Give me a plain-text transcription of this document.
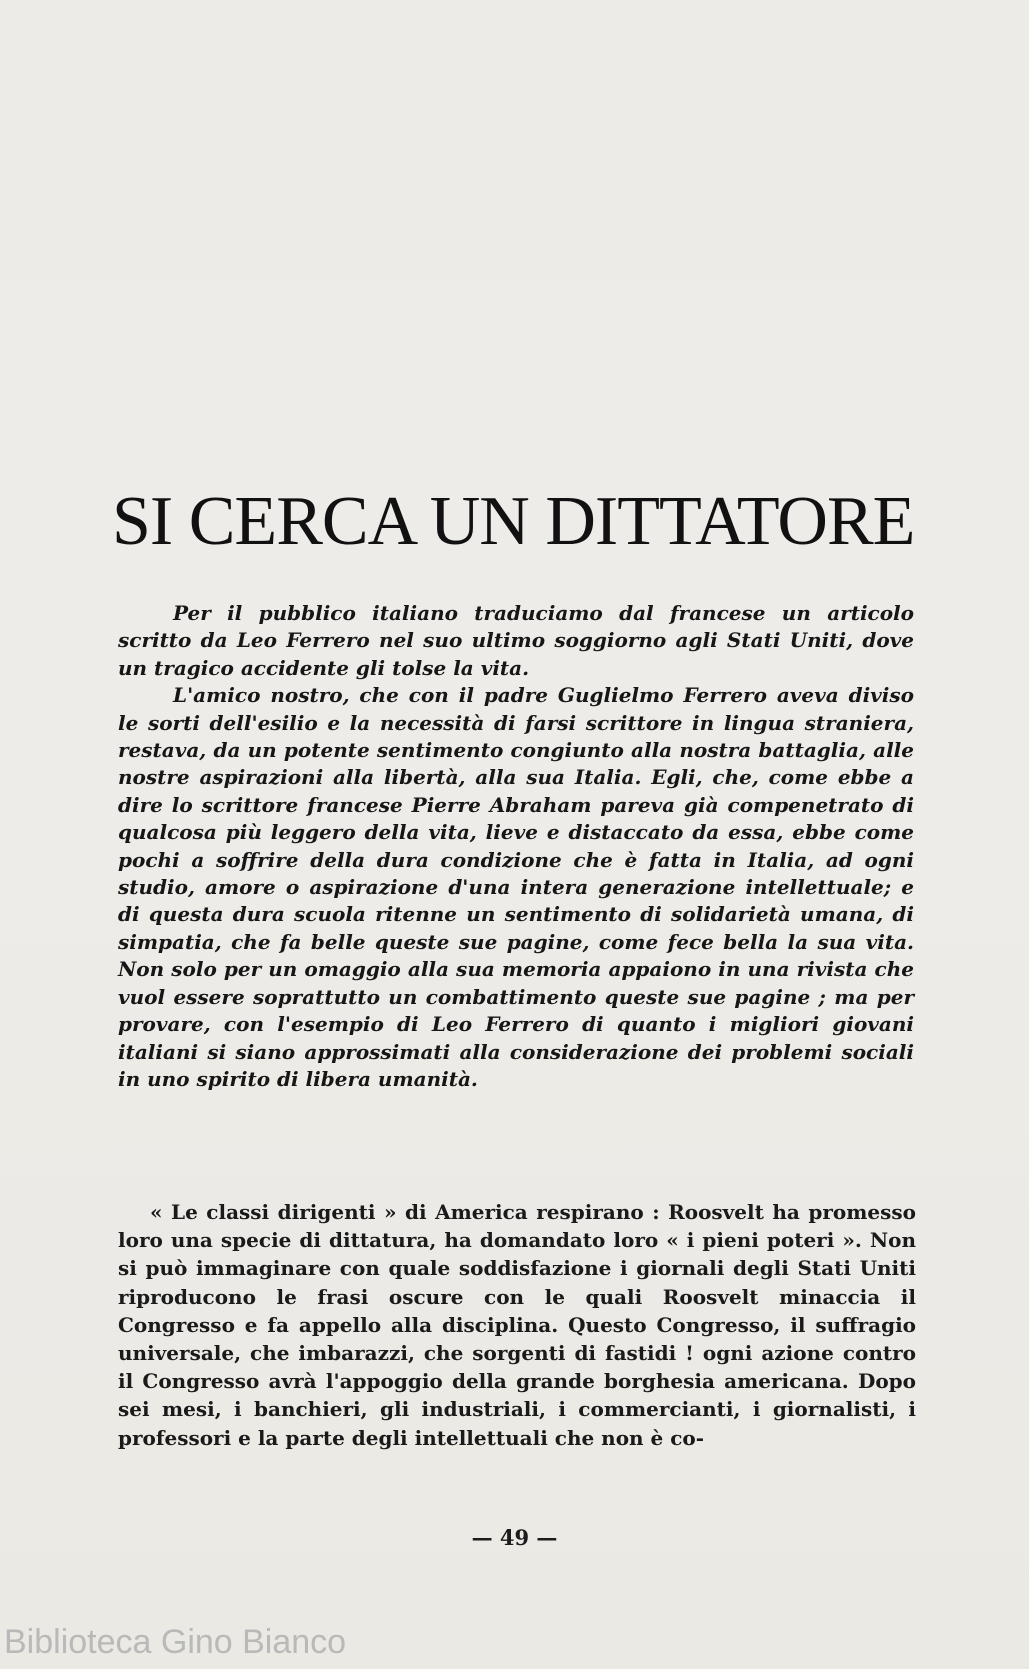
SI CERCA UN DITTATORE

Per il pubblico italiano traduciamo dal francese un articolo scritto da Leo Ferrero nel suo ultimo soggiorno agli Stati Uniti, dove un tragico accidente gli tolse la vita.

L'amico nostro, che con il padre Guglielmo Ferrero aveva diviso le sorti dell'esilio e la necessità di farsi scrittore in lingua straniera, restava, da un potente sentimento congiunto alla nostra battaglia, alle nostre aspirazioni alla libertà, alla sua Italia. Egli, che, come ebbe a dire lo scrittore francese Pierre Abraham pareva già compenetrato di qualcosa più leggero della vita, lieve e distaccato da essa, ebbe come pochi a soffrire della dura condizione che è fatta in Italia, ad ogni studio, amore o aspirazione d'una intera generazione intellettuale; e di questa dura scuola ritenne un sentimento di solidarietà umana, di simpatia, che fa belle queste sue pagine, come fece bella la sua vita. Non solo per un omaggio alla sua memoria appaiono in una rivista che vuol essere soprattutto un combattimento queste sue pagine ; ma per provare, con l'esempio di Leo Ferrero di quanto i migliori giovani italiani si siano approssimati alla considerazione dei problemi sociali in uno spirito di libera umanità.

« Le classi dirigenti » di America respirano : Roosvelt ha promesso loro una specie di dittatura, ha domandato loro « i pieni poteri ». Non si può immaginare con quale soddisfazione i giornali degli Stati Uniti riproducono le frasi oscure con le quali Roosvelt minaccia il Congresso e fa appello alla disciplina. Questo Congresso, il suffragio universale, che imbarazzi, che sorgenti di fastidi ! ogni azione contro il Congresso avrà l'appoggio della grande borghesia americana. Dopo sei mesi, i banchieri, gli industriali, i commercianti, i giornalisti, i professori e la parte degli intellettuali che non è co-

— 49 —
Biblioteca Gino Bianco
